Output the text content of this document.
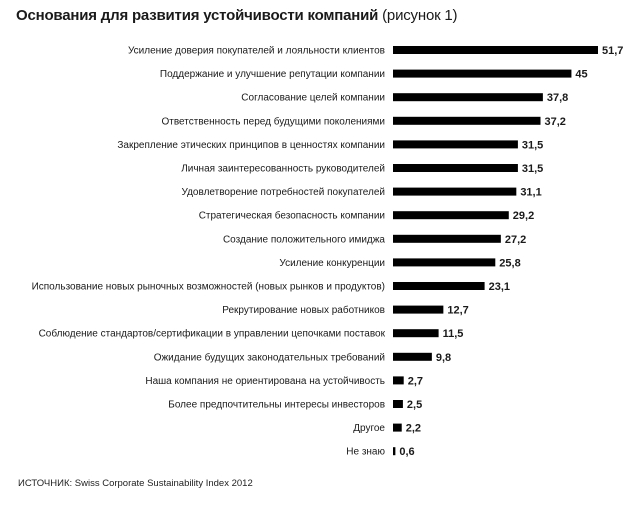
Основания для развития устойчивости компаний (рисунок 1)
Усиление доверия покупателей и лояльности клиентов
Поддержание и улучшение репутации компании
Согласование целей компании
Ответственность перед будущими поколениями
Закрепление этических принципов в ценностях компании
Личная заинтересованность руководителей
Удовлетворение потребностей покупателей
Стратегическая безопасность компании
Создание положительного имиджа
Усиление конкуренции
Использование новых рыночных возможностей (новых рынков и продуктов)
Рекрутирование новых работников
Соблюдение стандартов/сертификации в управлении цепочками поставок
Ожидание будущих законодательных требований
Наша компания не ориентирована на устойчивость
Более предпочтительны интересы инвесторов
Другое
Не знаю
51,7
45
37,8
37,2
31,5
31,5
31,1
29,2
27,2
25,8
23,1
12,7
11,5
9,8
2,7
2,5
2,2
0,6
ИСТОЧНИК: Swiss Corporate Sustainability Index 2012
